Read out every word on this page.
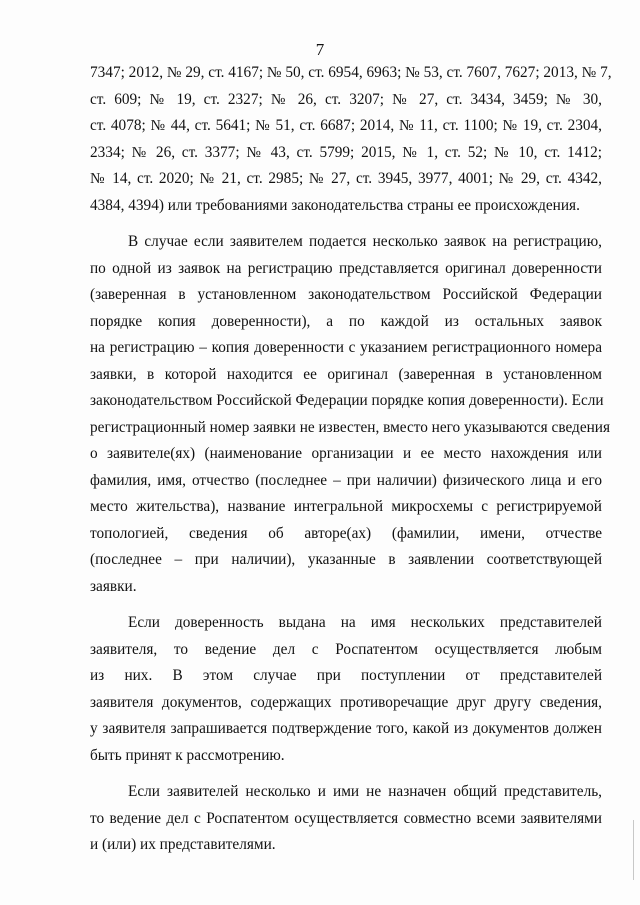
7
7347; 2012, № 29, ст. 4167; № 50, ст. 6954, 6963; № 53, ст. 7607, 7627; 2013, № 7,
ст. 609; № 19, ст. 2327; № 26, ст. 3207; № 27, ст. 3434, 3459; № 30,
ст. 4078; № 44, ст. 5641; № 51, ст. 6687; 2014, № 11, ст. 1100; № 19, ст. 2304,
2334; № 26, ст. 3377; № 43, ст. 5799; 2015, № 1, ст. 52; № 10, ст. 1412;
№ 14, ст. 2020; № 21, ст. 2985; № 27, ст. 3945, 3977, 4001; № 29, ст. 4342,
4384, 4394) или требованиями законодательства страны ее происхождения.
В случае если заявителем подается несколько заявок на регистрацию,
по одной из заявок на регистрацию представляется оригинал доверенности
(заверенная в установленном законодательством Российской Федерации
порядке копия доверенности), а по каждой из остальных заявок
на регистрацию – копия доверенности с указанием регистрационного номера
заявки, в которой находится ее оригинал (заверенная в установленном
законодательством Российской Федерации порядке копия доверенности). Если
регистрационный номер заявки не известен, вместо него указываются сведения
о заявителе(ях) (наименование организации и ее место нахождения или
фамилия, имя, отчество (последнее – при наличии) физического лица и его
место жительства), название интегральной микросхемы с регистрируемой
топологией, сведения об авторе(ах) (фамилии, имени, отчестве
(последнее – при наличии), указанные в заявлении соответствующей
заявки.
Если доверенность выдана на имя нескольких представителей
заявителя, то ведение дел с Роспатентом осуществляется любым
из них. В этом случае при поступлении от представителей
заявителя документов, содержащих противоречащие друг другу сведения,
у заявителя запрашивается подтверждение того, какой из документов должен
быть принят к рассмотрению.
Если заявителей несколько и ими не назначен общий представитель,
то ведение дел с Роспатентом осуществляется совместно всеми заявителями
и (или) их представителями.
